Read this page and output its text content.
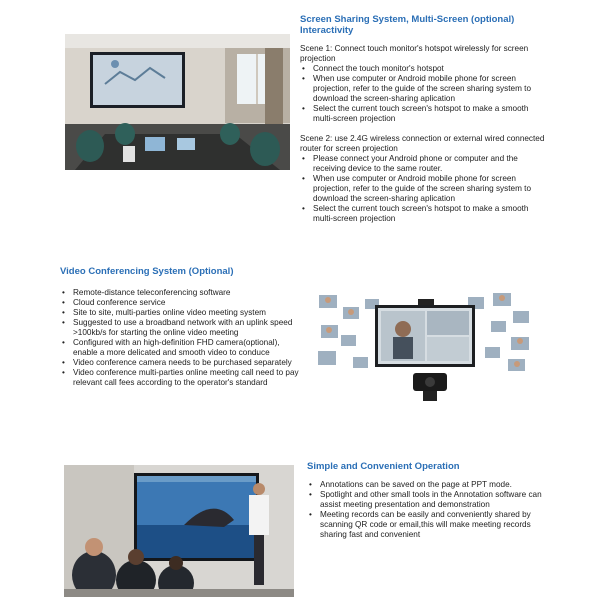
Screen Sharing System, Multi-Screen (optional) Interactivity

Scene 1: Connect touch monitor's hotspot wirelessly for screen projection

• Connect the touch monitor's hotspot
• When use computer or Android mobile phone for screen projection, refer to the guide of the screen sharing system to download the screen-sharing aplication
• Select the current touch screen's hotspot to make a smooth multi-screen projection

Scene 2: use 2.4G wireless connection or external wired connected router for screen projection

• Please connect your Android phone or computer and the receiving device to the same router.
• When use computer or Android mobile phone for screen projection, refer to the guide of the screen sharing system to download the screen-sharing aplication
• Select the current touch screen's hotspot to make a smooth multi-screen projection
Video Conferencing System (Optional)
• Remote-distance teleconferencing software
• Cloud conference service
• Site to site, multi-parties online video meeting system
• Suggested to use a broadband network with an uplink speed >100kb/s for starting the online video meeting
• Configured with an high-definition FHD camera(optional), enable a more delicated and smooth video to conduce
• Video conference camera needs to be purchased separately
• Video conference multi-parties online meeting call need to pay relevant call fees according to the operator's standard
Simple and Convenient Operation
• Annotations can be saved on the page at PPT mode.
• Spotlight and other small tools in the Annotation software can assist meeting presentation and demonstration
• Meeting records can be easily and conveniently shared by scanning QR code or email,this will make meeting records sharing fast and convenient
